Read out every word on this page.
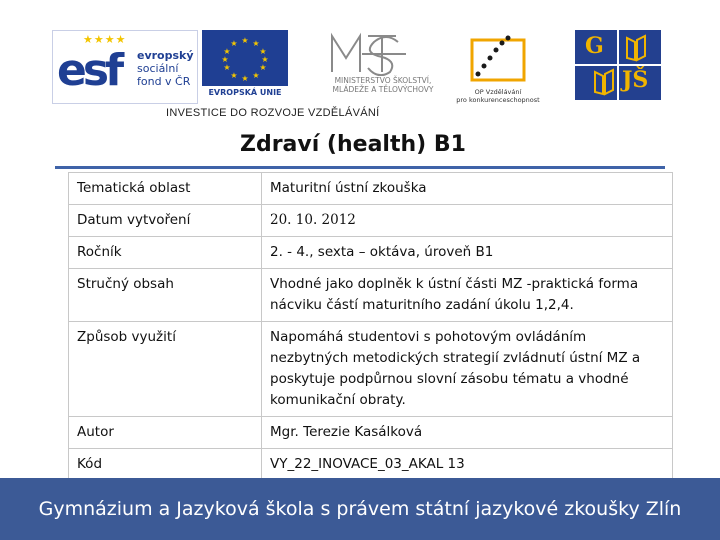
★★★★
esf evropský
sociální
fond v ČR
★ ★
★
★
★
★
★
★
★
★
★
★
EVROPSKÁ UNIE
MINISTERSTVO ŠKOLSTVÍ,
MLÁDEŽE A TĚLOVÝCHOVY	OP Vzdělávání
pro konkurenceschopnost
G
JŠ
INVESTICE DO ROZVOJE VZDĚLÁVÁNÍ
Zdraví (health) B1
Tematická oblast	Maturitní ústní zkouška
Datum vytvoření	20. 10. 2012
Ročník	2. - 4., sexta – oktáva, úroveň B1
Stručný obsah	Vhodné jako doplněk k ústní části MZ -praktická forma nácviku částí maturitního zadání úkolu 1,2,4.
Způsob využití	Napomáhá studentovi s pohotovým ovládáním nezbytných metodických strategií zvládnutí ústní MZ a poskytuje podpůrnou slovní zásobu tématu a vhodné komunikační obraty.
Autor	Mgr. Terezie Kasálková
Kód	VY_22_INOVACE_03_AKAL 13
Gymnázium a Jazyková škola s právem státní jazykové zkoušky Zlín
